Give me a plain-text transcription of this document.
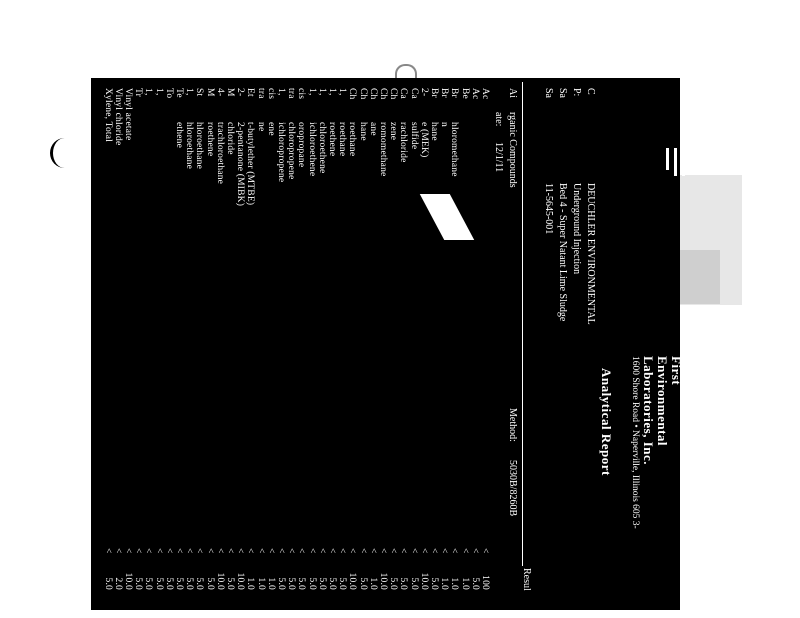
First
Environmental
Laboratories, Inc.
1600 Shore Road • Naperville, Illinois 605 3-
Analytical Report
C
P:
Sa
Sa
DEUCHLER ENVIRONMENTAL
Underground Injection
Bed 4 - Super Natant Lime Sludge
11-5645-001
Resul
Ai
rganic Compounds
Method:
5030B/8260B
ate:
12/1/11
Ac
<
100
Ac
<
5.0
Be
<
1.0
Br
<
1.0
Br
<
1.0
Br
<
5.0
2-
<
10.0
Ca
<
5.0
Ca
<
5.0
Ch
<
5.0
Ch
<
10.0
Ch
<
1.0
Ch
<
5.0
Ch
<
10.0
1,
<
5.0
1,
<
5.0
1,
<
5.0
1,
<
5.0
cis
<
5.0
tra
<
5.0
1,
<
5.0
cis
<
1.0
tra
<
1.0
Et
<
1.0
2-
<
10.0
M
<
5.0
4-
<
10.0
M
<
5.0
St
<
5.0
1,
<
5.0
Te
<
5.0
To
<
5.0
1,
<
5.0
1,
<
5.0
Tr
<
5.0
Vinyl acetate
<
10.0
Vinyl chloride
<
2.0
Xylene, Total
<
5.0
hloromethane
n
hane
e (MEK)
sulfide
rachloride
zene
romomethane
ane
hane
roethane
roethane
roethene
chloroethene
ichloroethene
oropropane
chloropropene
ichloropropene
ene
ne
t-butylether (MTBE)
2-pentanone (MIBK)
chloride
trachloroethane
roethene
hloroethane
hloroethane
ethene
